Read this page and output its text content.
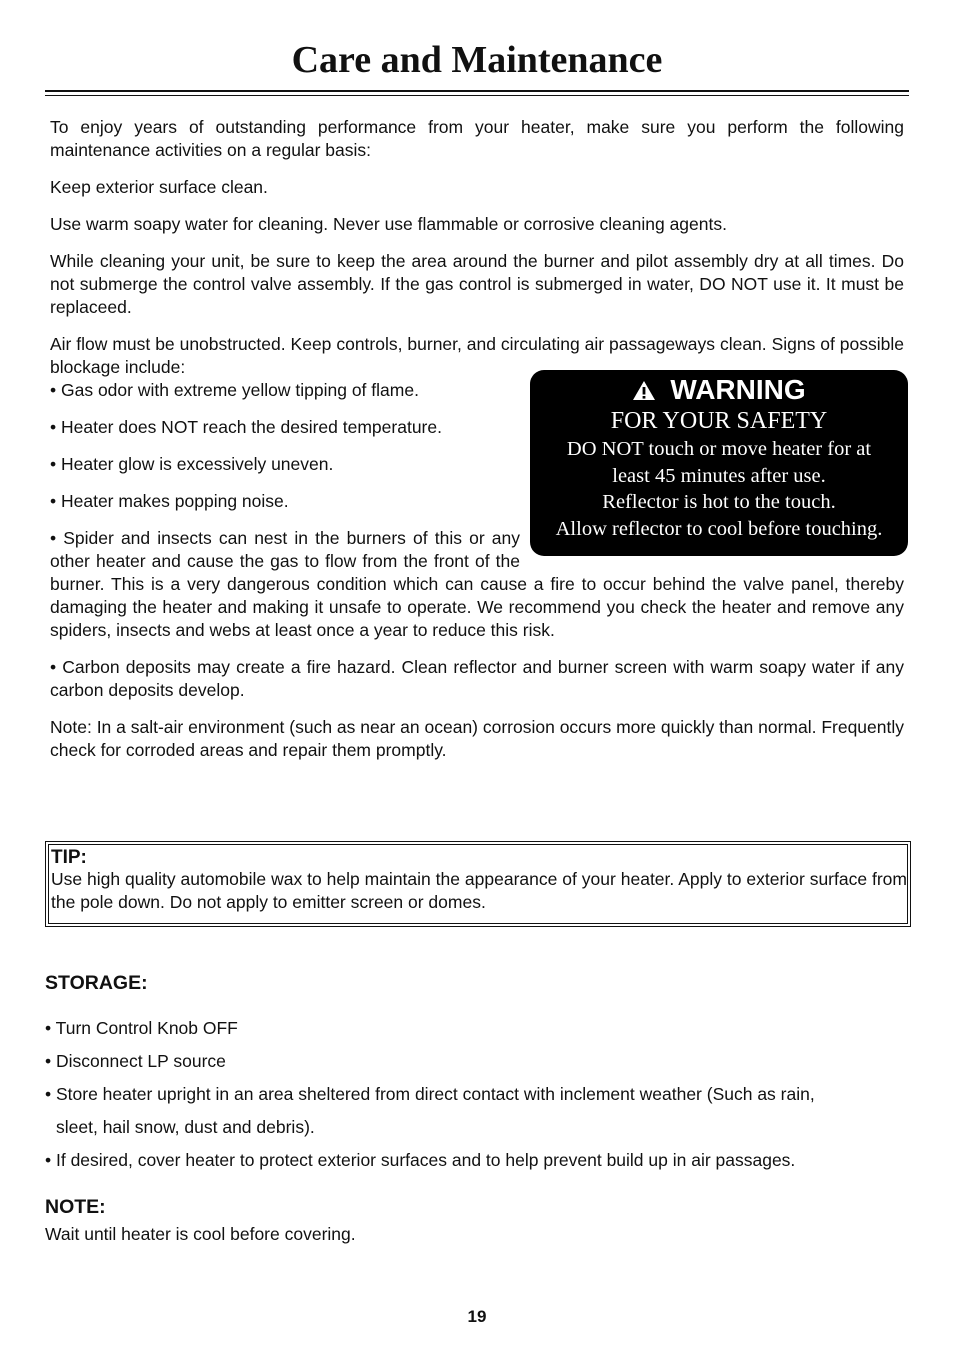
Care and Maintenance

To enjoy years of outstanding performance from your heater, make sure you perform the following maintenance activities on a regular basis:

Keep exterior surface clean.

Use warm soapy water for cleaning. Never use flammable or corrosive cleaning agents.

While cleaning your unit, be sure to keep the area around the burner and pilot assembly dry at all times. Do not submerge the control valve assembly. If the gas control is submerged in water, DO NOT use it. It must be replaceed.

Air flow must be unobstructed. Keep controls, burner, and circulating air passageways clean. Signs of possible blockage include:

WARNING
FOR YOUR SAFETY
DO NOT touch or move heater for at
least 45 minutes after use.
Reflector is hot to the touch.
Allow reflector to cool before touching.

• Gas odor with extreme yellow tipping of flame.

• Heater does NOT reach the desired temperature.

• Heater glow is excessively uneven.

• Heater makes popping noise.

• Spider and insects can nest in the burners of this or any other heater and cause the gas to flow from the front of the burner. This is a very dangerous condition which can cause a fire to occur behind the valve panel, thereby damaging the heater and making it unsafe to operate. We recommend you check the heater and remove any spiders, insects and webs at least once a year to reduce this risk.

• Carbon deposits may create a fire hazard. Clean reflector and burner screen with warm soapy water if any carbon deposits develop.

Note: In a salt-air environment (such as near an ocean) corrosion occurs more quickly than normal. Frequently check for corroded areas and repair them promptly.

TIP:
Use high quality automobile wax to help maintain the appearance of your heater. Apply to exterior surface from the pole down. Do not apply to emitter screen or domes.
STORAGE:
• Turn Control Knob OFF
• Disconnect LP source
• Store heater upright in an area sheltered from direct contact with inclement weather (Such as rain,
sleet, hail snow, dust and debris).
• If desired, cover heater to protect exterior surfaces and to help prevent build up in air passages.
NOTE:
Wait until heater is cool before covering.
19
